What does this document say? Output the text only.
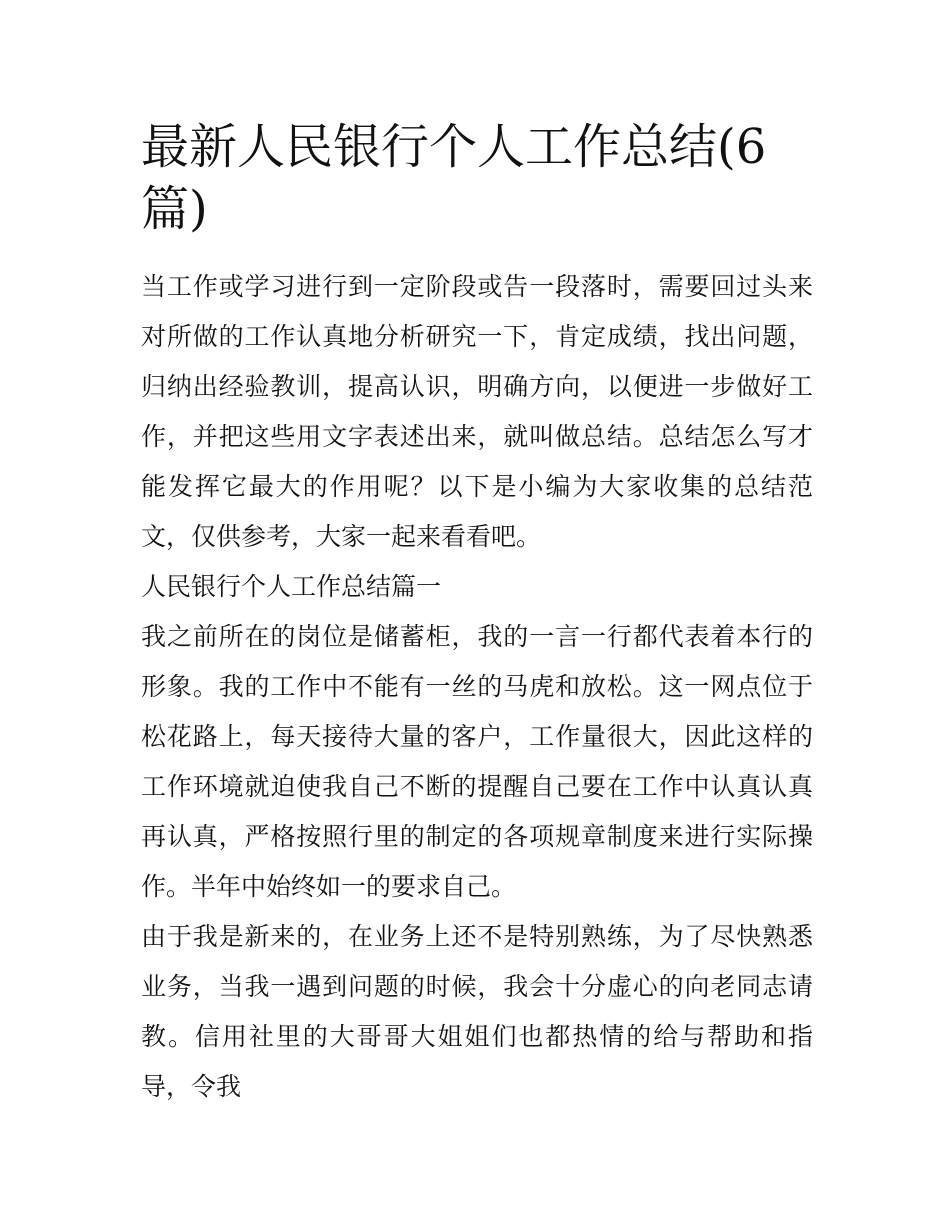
最新人民银行个人工作总结(6篇)

当工作或学习进行到一定阶段或告一段落时，需要回过头来对所做的工作认真地分析研究一下，肯定成绩，找出问题，归纳出经验教训，提高认识，明确方向，以便进一步做好工作，并把这些用文字表述出来，就叫做总结。总结怎么写才能发挥它最大的作用呢？以下是小编为大家收集的总结范文，仅供参考，大家一起来看看吧。

人民银行个人工作总结篇一

我之前所在的岗位是储蓄柜，我的一言一行都代表着本行的形象。我的工作中不能有一丝的马虎和放松。这一网点位于松花路上，每天接待大量的客户，工作量很大，因此这样的工作环境就迫使我自己不断的提醒自己要在工作中认真认真再认真，严格按照行里的制定的各项规章制度来进行实际操作。半年中始终如一的要求自己。

由于我是新来的，在业务上还不是特别熟练，为了尽快熟悉业务，当我一遇到问题的时候，我会十分虚心的向老同志请教。信用社里的大哥哥大姐姐们也都热情的给与帮助和指导，令我
